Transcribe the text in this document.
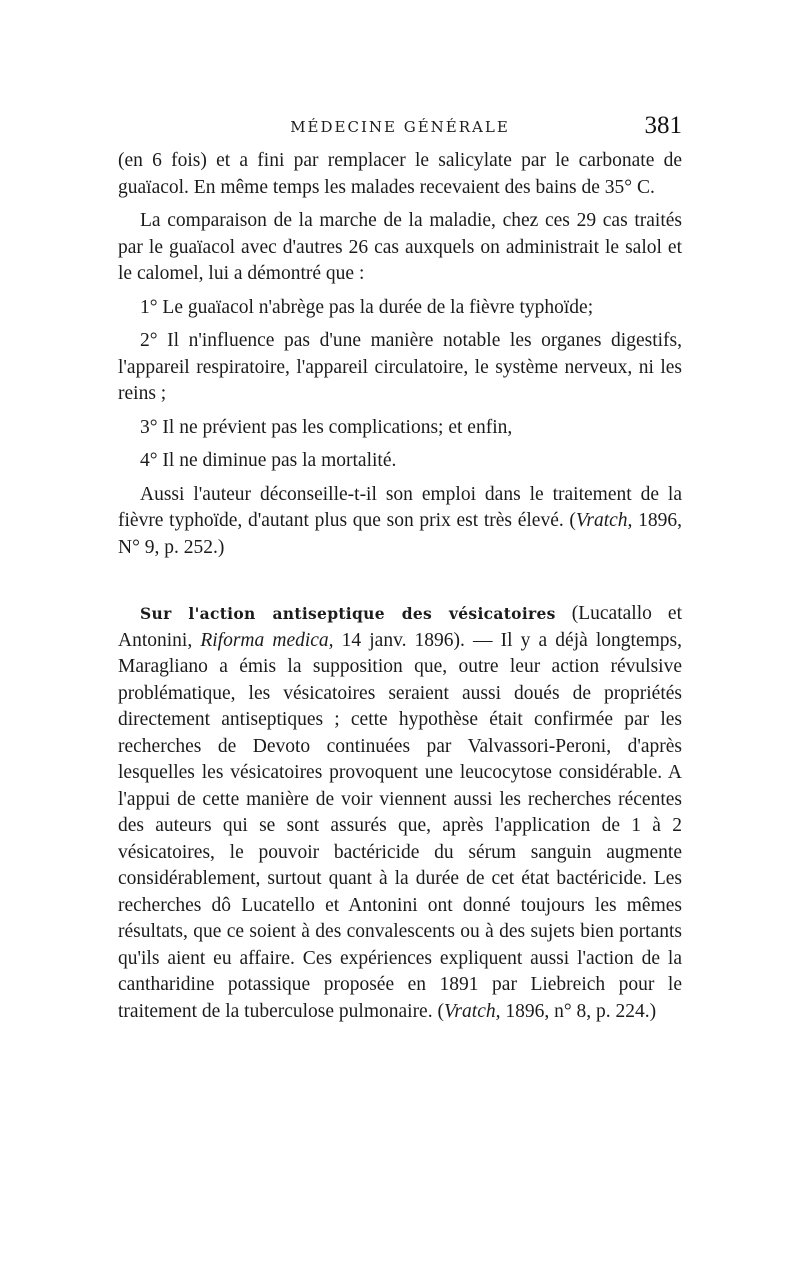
MÉDECINE GÉNÉRALE	381

(en 6 fois) et a fini par remplacer le salicylate par le carbonate de guaïacol. En même temps les malades recevaient des bains de 35° C.

La comparaison de la marche de la maladie, chez ces 29 cas traités par le guaïacol avec d'autres 26 cas auxquels on administrait le salol et le calomel, lui a démontré que :

1° Le guaïacol n'abrège pas la durée de la fièvre typhoïde;

2° Il n'influence pas d'une manière notable les organes digestifs, l'appareil respiratoire, l'appareil circulatoire, le système nerveux, ni les reins ;

3° Il ne prévient pas les complications; et enfin,

4° Il ne diminue pas la mortalité.

Aussi l'auteur déconseille-t-il son emploi dans le traitement de la fièvre typhoïde, d'autant plus que son prix est très élevé. (Vratch, 1896, N° 9, p. 252.)

Sur l'action antiseptique des vésicatoires (Lucatallo et Antonini, Riforma medica, 14 janv. 1896). — Il y a déjà longtemps, Maragliano a émis la supposition que, outre leur action révulsive problématique, les vésicatoires seraient aussi doués de propriétés directement antiseptiques ; cette hypothèse était confirmée par les recherches de Devoto continuées par Valvassori-Peroni, d'après lesquelles les vésicatoires provoquent une leucocytose considérable. A l'appui de cette manière de voir viennent aussi les recherches récentes des auteurs qui se sont assurés que, après l'application de 1 à 2 vésicatoires, le pouvoir bactéricide du sérum sanguin augmente considérablement, surtout quant à la durée de cet état bactéricide. Les recherches dô Lucatello et Antonini ont donné toujours les mêmes résultats, que ce soient à des convalescents ou à des sujets bien portants qu'ils aient eu affaire. Ces expériences expliquent aussi l'action de la cantharidine potassique proposée en 1891 par Liebreich pour le traitement de la tuberculose pulmonaire. (Vratch, 1896, n° 8, p. 224.)
